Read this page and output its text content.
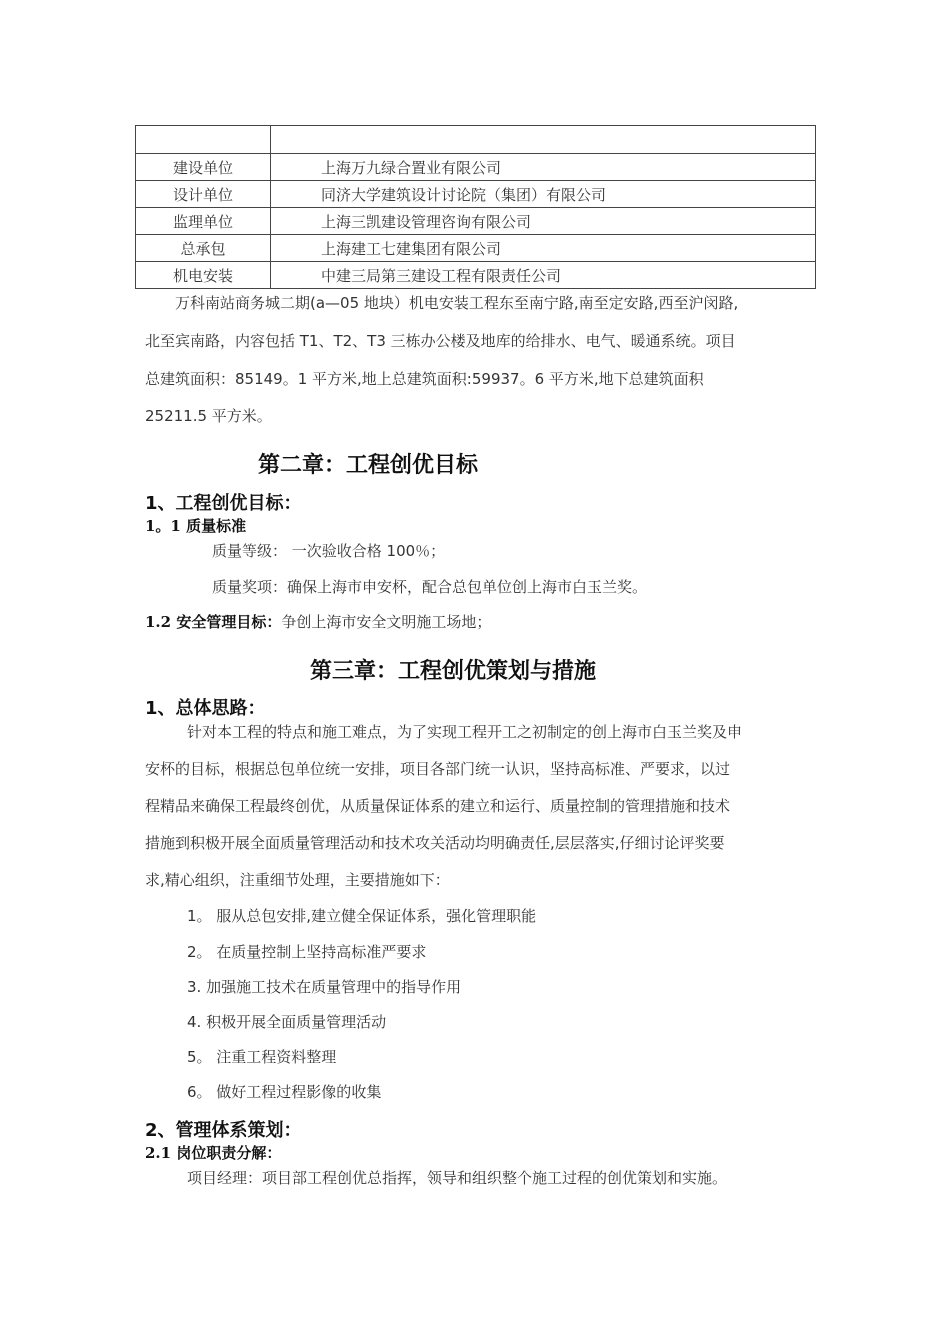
建设单位	上海万九绿合置业有限公司
设计单位	同济大学建筑设计讨论院（集团）有限公司
监理单位	上海三凯建设管理咨询有限公司
总承包	上海建工七建集团有限公司
机电安装	中建三局第三建设工程有限责任公司

万科南站商务城二期(a—05 地块）机电安装工程东至南宁路,南至定安路,西至沪闵路,

北至宾南路，内容包括 T1、T2、T3 三栋办公楼及地库的给排水、电气、暖通系统。项目

总建筑面积：85149。1 平方米,地上总建筑面积:59937。6 平方米,地下总建筑面积

25211.5 平方米。

第二章：工程创优目标
1、工程创优目标：
1。1 质量标准

质量等级： 一次验收合格 100％；

质量奖项：确保上海市申安杯，配合总包单位创上海市白玉兰奖。

1.2 安全管理目标：争创上海市安全文明施工场地；

第三章：工程创优策划与措施
1、总体思路：

针对本工程的特点和施工难点，为了实现工程开工之初制定的创上海市白玉兰奖及申

安杯的目标，根据总包单位统一安排，项目各部门统一认识，坚持高标准、严要求，以过

程精品来确保工程最终创优，从质量保证体系的建立和运行、质量控制的管理措施和技术

措施到积极开展全面质量管理活动和技术攻关活动均明确责任,层层落实,仔细讨论评奖要

求,精心组织，注重细节处理，主要措施如下：

1。 服从总包安排,建立健全保证体系，强化管理职能

2。 在质量控制上坚持高标准严要求

3. 加强施工技术在质量管理中的指导作用

4. 积极开展全面质量管理活动

5。 注重工程资料整理

6。 做好工程过程影像的收集

2、管理体系策划：
2.1 岗位职责分解：

项目经理：项目部工程创优总指挥，领导和组织整个施工过程的创优策划和实施。
